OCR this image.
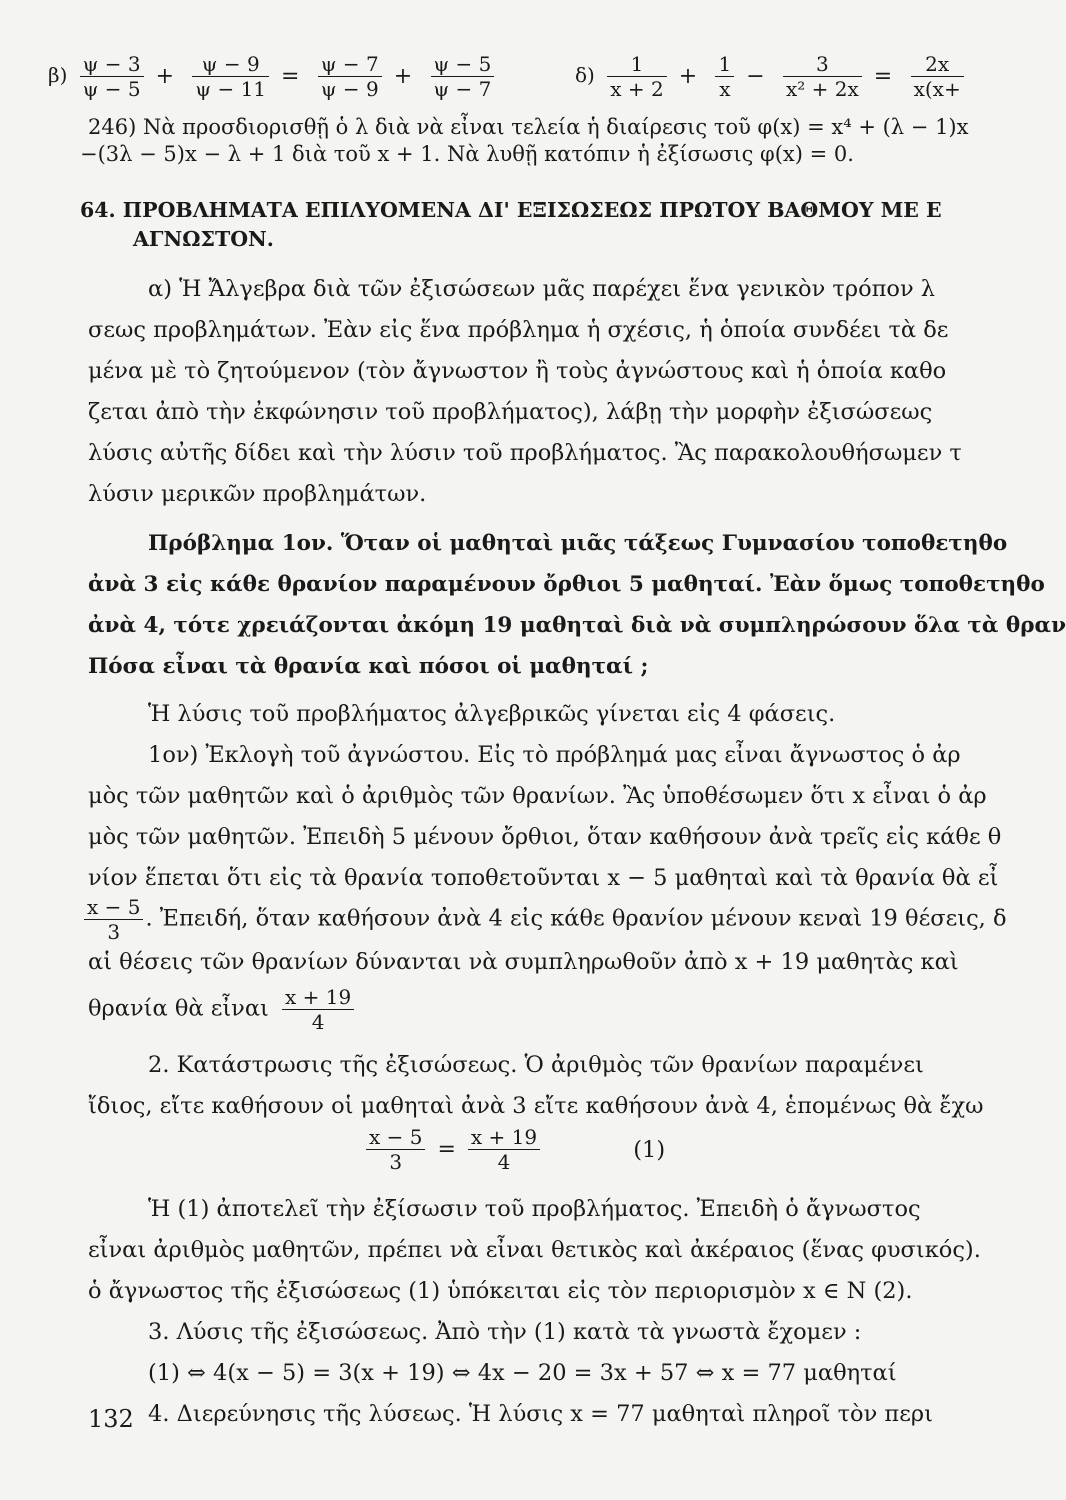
$\beta) \frac{\psi - 3}{\psi - 5} + \frac{\psi - 9}{\psi - 11} = \frac{\psi - 7}{\psi - 9} + \frac{\psi - 5}{\psi - 7}$	$\delta) \frac{1}{x + 2} + \frac{1}{x} - \frac{3}{\text{x² + 2x}} = \frac{2x}{x(x+}$
246) Νὰ προσδιορισθῇ ὁ λ διὰ νὰ εἶναι τελεία ἡ διαίρεσις τοῦ φ(x) = x⁴ + (λ − 1)x
−(3λ − 5)x − λ + 1 διὰ τοῦ x + 1. Νὰ λυθῇ κατόπιν ἡ ἐξίσωσις φ(x) = 0.
64. ΠΡΟΒΛΗΜΑΤΑ ΕΠΙΛΥΟΜΕΝΑ ΔΙ' ΕΞΙΣΩΣΕΩΣ ΠΡΩΤΟΥ ΒΑΘΜΟΥ ΜΕ Ε
ΑΓΝΩΣΤΟΝ.
α) Ἡ Ἄλγεβρα διὰ τῶν ἐξισώσεων μᾶς παρέχει ἕνα γενικὸν τρόπον λ
σεως προβλημάτων. Ἐὰν εἰς ἕνα πρόβλημα ἡ σχέσις, ἡ ὁποία συνδέει τὰ δε
μένα μὲ τὸ ζητούμενον (τὸν ἄγνωστον ἢ τοὺς ἀγνώστους καὶ ἡ ὁποία καθο
ζεται ἀπὸ τὴν ἐκφώνησιν τοῦ προβλήματος), λάβῃ τὴν μορφὴν ἐξισώσεως
λύσις αὐτῆς δίδει καὶ τὴν λύσιν τοῦ προβλήματος. Ἂς παρακολουθήσωμεν τ
λύσιν μερικῶν προβλημάτων.
Πρόβλημα 1ον. Ὅταν οἱ μαθηταὶ μιᾶς τάξεως Γυμνασίου τοποθετηθο
ἀνὰ 3 εἰς κάθε θρανίον παραμένουν ὄρθιοι 5 μαθηταί. Ἐὰν ὅμως τοποθετηθο
ἀνὰ 4, τότε χρειάζονται ἀκόμη 19 μαθηταὶ διὰ νὰ συμπληρώσουν ὅλα τὰ θραν
Πόσα εἶναι τὰ θρανία καὶ πόσοι οἱ μαθηταί ;
Ἡ λύσις τοῦ προβλήματος ἀλγεβρικῶς γίνεται εἰς 4 φάσεις.
1ον) Ἐκλογὴ τοῦ ἀγνώστου. Εἰς τὸ πρόβλημά μας εἶναι ἄγνωστος ὁ ἀρ
μὸς τῶν μαθητῶν καὶ ὁ ἀριθμὸς τῶν θρανίων. Ἂς ὑποθέσωμεν ὅτι x εἶναι ὁ ἀρ
μὸς τῶν μαθητῶν. Ἐπειδὴ 5 μένουν ὄρθιοι, ὅταν καθήσουν ἀνὰ τρεῖς εἰς κάθε θ
νίον ἕπεται ὅτι εἰς τὰ θρανία τοποθετοῦνται x − 5 μαθηταὶ καὶ τὰ θρανία θὰ εἶ
$\frac{x - 5}{3}$ . Ἐπειδή, ὅταν καθήσουν ἀνὰ 4 εἰς κάθε θρανίον μένουν κεναὶ 19 θέσεις, δ
αἱ θέσεις τῶν θρανίων δύνανται νὰ συμπληρωθοῦν ἀπὸ x + 19 μαθητὰς καὶ
θρανία θὰ εἶναι $\frac{x + 19}{4}$
2. Κατάστρωσις τῆς ἐξισώσεως. Ὁ ἀριθμὸς τῶν θρανίων παραμένει
ἴδιος, εἴτε καθήσουν οἱ μαθηταὶ ἀνὰ 3 εἴτε καθήσουν ἀνὰ 4, ἑπομένως θὰ ἔχω
$\frac{x - 5}{3} = \frac{x + 19}{4}$	(1)
Ἡ (1) ἀποτελεῖ τὴν ἐξίσωσιν τοῦ προβλήματος. Ἐπειδὴ ὁ ἄγνωστος
εἶναι ἀριθμὸς μαθητῶν, πρέπει νὰ εἶναι θετικὸς καὶ ἀκέραιος (ἕνας φυσικός).
ὁ ἄγνωστος τῆς ἐξισώσεως (1) ὑπόκειται εἰς τὸν περιορισμὸν x ∈ N (2).
3. Λύσις τῆς ἐξισώσεως. Ἀπὸ τὴν (1) κατὰ τὰ γνωστὰ ἔχομεν :
(1) ⇔ 4(x − 5) = 3(x + 19) ⇔ 4x − 20 = 3x + 57 ⇔ x = 77 μαθηταί
4. Διερεύνησις τῆς λύσεως. Ἡ λύσις x = 77 μαθηταὶ πληροῖ τὸν περι
132
